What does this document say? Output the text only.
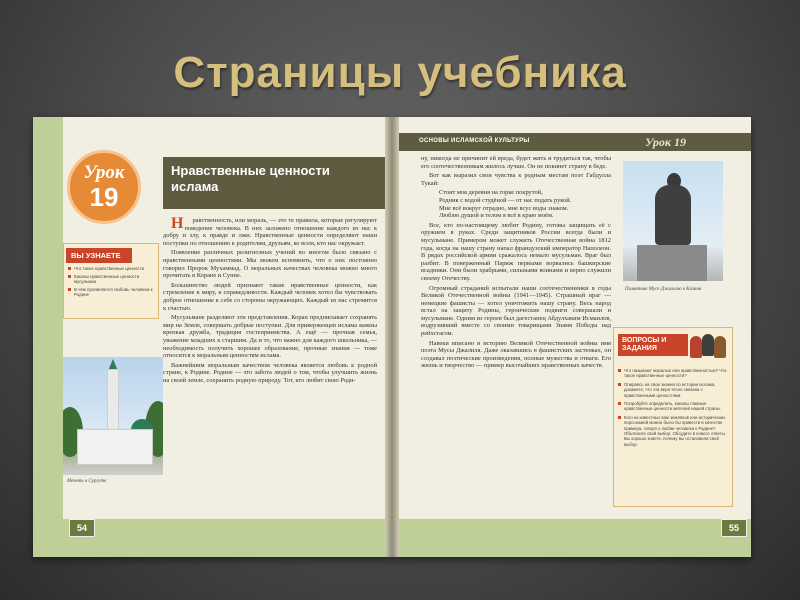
Страницы учебника
Урок
19
Нравственные ценности ислама
ВЫ УЗНАЕТЕ
Что такое нравственные ценности
Каковы нравственные ценности мусульман
В чём проявляется любовь человека к Родине

Н равственность, или мораль, — это те правила, которые регулируют поведение человека. В них заложено отношение каждого из нас к добру и злу, к правде и лжи. Нравственные ценности определяют наши поступки по отношению к родителям, друзьям, ко всем, кто нас окружает.

Появление различных религиозных учений во многом было связано с нравственными ценностями. Мы можем вспомнить, что о них постоянно говорил Пророк Мухаммад. О моральных качествах человека можно много прочитать в Коране и Сунне.

Большинство людей признают такие нравственные ценности, как стремление к миру, к справедливости. Каждый человек хотел бы чувствовать доброе отношение к себе со стороны окружающих. Каждый из нас стремится к счастью.

Мусульмане разделяют эти представления. Коран предписывает сохранять мир на Земле, совершать добрые поступки. Для приверженцев ислама важны крепкая дружба, традиция гостеприимства. А ещё — прочная семья, уважение младших к старшим. Да и то, что важно для каждого школьника, — необходимость получить хорошее образование, прочные знания — тоже относится к моральным ценностям ислама.

Важнейшим моральным качеством человека является любовь к родной стране, к Родине. Родине — это забота людей о том, чтобы улучшить жизнь на своей земле, сохранить родную природу. Тот, кто любит свою Роди-

Мечеть в Сургуте
54
ОСНОВЫ ИСЛАМСКОЙ КУЛЬТУРЫ	Урок 19

ну, никогда не причинит ей вреда, будет жить и трудиться так, чтобы его соотечественникам жилось лучше. Он не покинет страну в беде.

Вот как выразил свои чувства к родным местам поэт Габдулла Тукай:

Стоит моя деревня на горке покрутой,

Родник с водой студёной — от нас подать рукой.

Мне всё вокруг отрадно, мне всус воды знаком.

Люблю душой и телом я всё в краю моём.

Все, кто по-настоящему любит Родину, готовы защищать её с оружием в руках. Среди защитников России всегда были и мусульмане. Примером может служить Отечественная война 1812 года, когда на нашу страну напал французский император Наполеон. В рядах российской армии сражалось немало мусульман. Враг был разбит. В поверженный Париж первыми ворвались башкирские всадники. Они были храбрыми, сильными воинами и верно служили своему Отечеству.

Огромный страданий испытали наши соотечественники в годы Великой Отечественной войны (1941—1945). Страшный враг — немецкие фашисты — хотел уничтожить нашу страну. Весь народ встал на защиту Родины, героические подвиги совершали и мусульмане. Одним из героев был дагестанец Абдулхаким Исмаилов, водрузивший вместе со своими товарищами Знамя Победы над рейхстагом.

Навеки вписано в историю Великой Отечественной войны имя поэта Мусы Джалиля. Даже оказавшись в фашистских застенках, он создавал поэтические произведения, полные мужества и отваги. Его жизнь и творчество — пример высочайших нравственных качеств.

Памятник Мусе Джалилю в Казани
ВОПРОСЫ И ЗАДАНИЯ
Что называют моралью или нравственностью? Что такое нравственные ценности?
Опираясь на свои знания по истории ислама, докажите, что эта вера тесно связана с нравственными ценностями.
Попробуйте определить, каковы главные нравственные ценности жителей нашей страны.
Кого из известных вам земляков или исторических персонажей можно было бы привести в качестве примера, говоря о любви человека к Родине? Объясните свой выбор. Обсудите в классе ответы. Вы хорошо знаете, почему вы остановили свой выбор.
55
